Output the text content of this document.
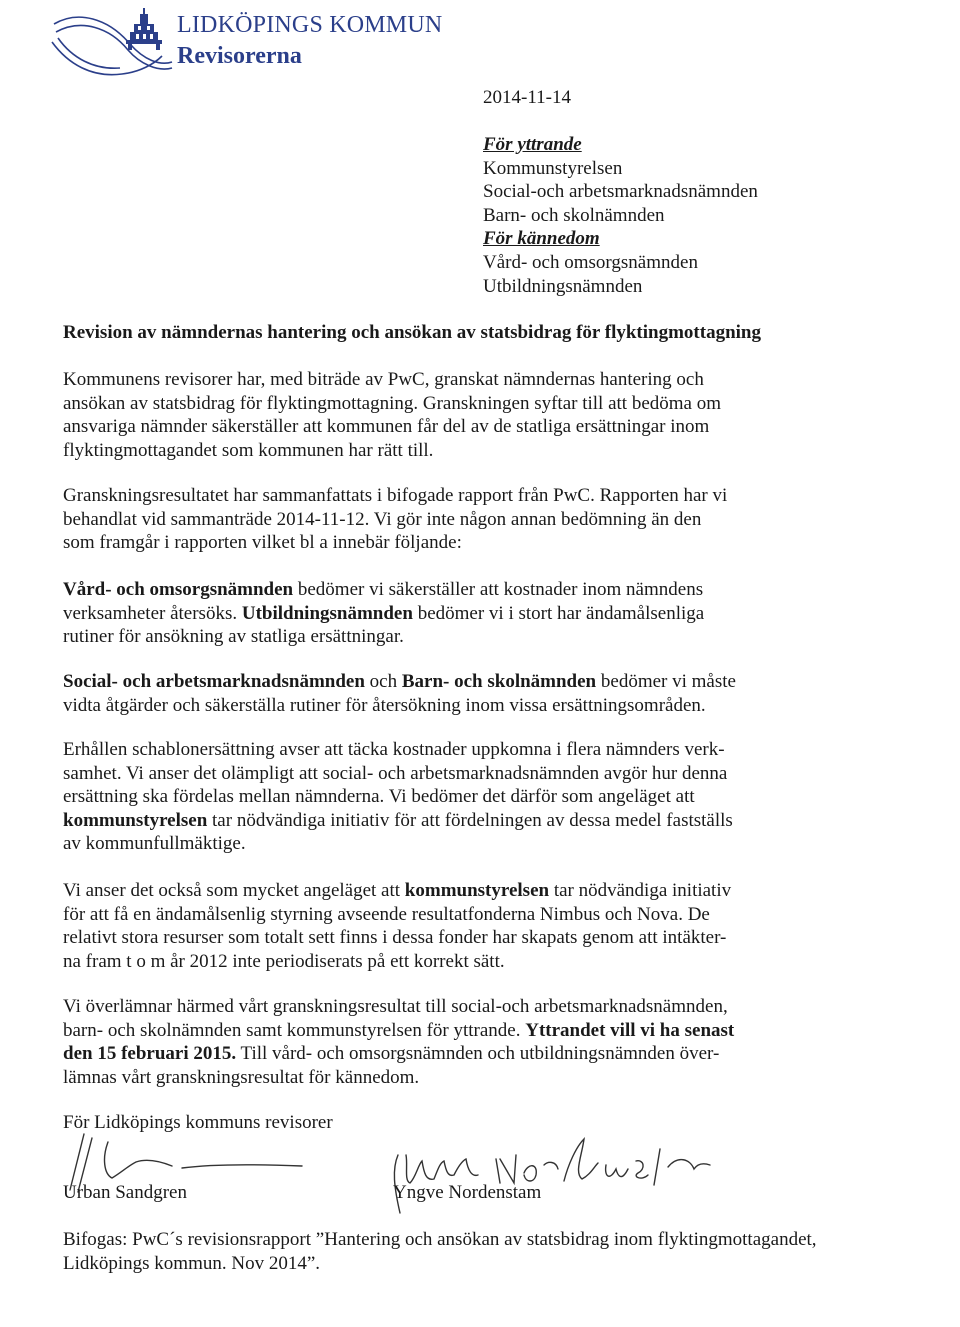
LIDKÖPINGS KOMMUN
Revisorerna
2014-11-14
För yttrande
Kommunstyrelsen
Social-och arbetsmarknadsnämnden
Barn- och skolnämnden
För kännedom
Vård- och omsorgsnämnden
Utbildningsnämnden
Revision av nämndernas hantering och ansökan av statsbidrag för flyktingmottagning
Kommunens revisorer har, med biträde av PwC, granskat nämndernas hantering och
ansökan av statsbidrag för flyktingmottagning. Granskningen syftar till att bedöma om
ansvariga nämnder säkerställer att kommunen får del av de statliga ersättningar inom
flyktingmottagandet som kommunen har rätt till.
Granskningsresultatet har sammanfattats i bifogade rapport från PwC. Rapporten har vi
behandlat vid sammanträde 2014-11-12. Vi gör inte någon annan bedömning än den
som framgår i rapporten vilket bl a innebär följande:
Vård- och omsorgsnämnden bedömer vi säkerställer att kostnader inom nämndens
verksamheter återsöks. Utbildningsnämnden bedömer vi i stort har ändamålsenliga
rutiner för ansökning av statliga ersättningar.
Social- och arbetsmarknadsnämnden och Barn- och skolnämnden bedömer vi måste
vidta åtgärder och säkerställa rutiner för återsökning inom vissa ersättningsområden.
Erhållen schablonersättning avser att täcka kostnader uppkomna i flera nämnders verk-
samhet. Vi anser det olämpligt att social- och arbetsmarknadsnämnden avgör hur denna
ersättning ska fördelas mellan nämnderna. Vi bedömer det därför som angeläget att
kommunstyrelsen tar nödvändiga initiativ för att fördelningen av dessa medel fastställs
av kommunfullmäktige.
Vi anser det också som mycket angeläget att kommunstyrelsen tar nödvändiga initiativ
för att få en ändamålsenlig styrning avseende resultatfonderna Nimbus och Nova. De
relativt stora resurser som totalt sett finns i dessa fonder har skapats genom att intäkter-
na fram t o m år 2012 inte periodiserats på ett korrekt sätt.
Vi överlämnar härmed vårt granskningsresultat till social-och arbetsmarknadsnämnden,
barn- och skolnämnden samt kommunstyrelsen för yttrande. Yttrandet vill vi ha senast
den 15 februari 2015. Till vård- och omsorgsnämnden och utbildningsnämnden över-
lämnas vårt granskningsresultat för kännedom.
För Lidköpings kommuns revisorer
Urban Sandgren	Yngve Nordenstam
Bifogas: PwC´s revisionsrapport ”Hantering och ansökan av statsbidrag inom flyktingmottagandet,
Lidköpings kommun. Nov 2014”.
